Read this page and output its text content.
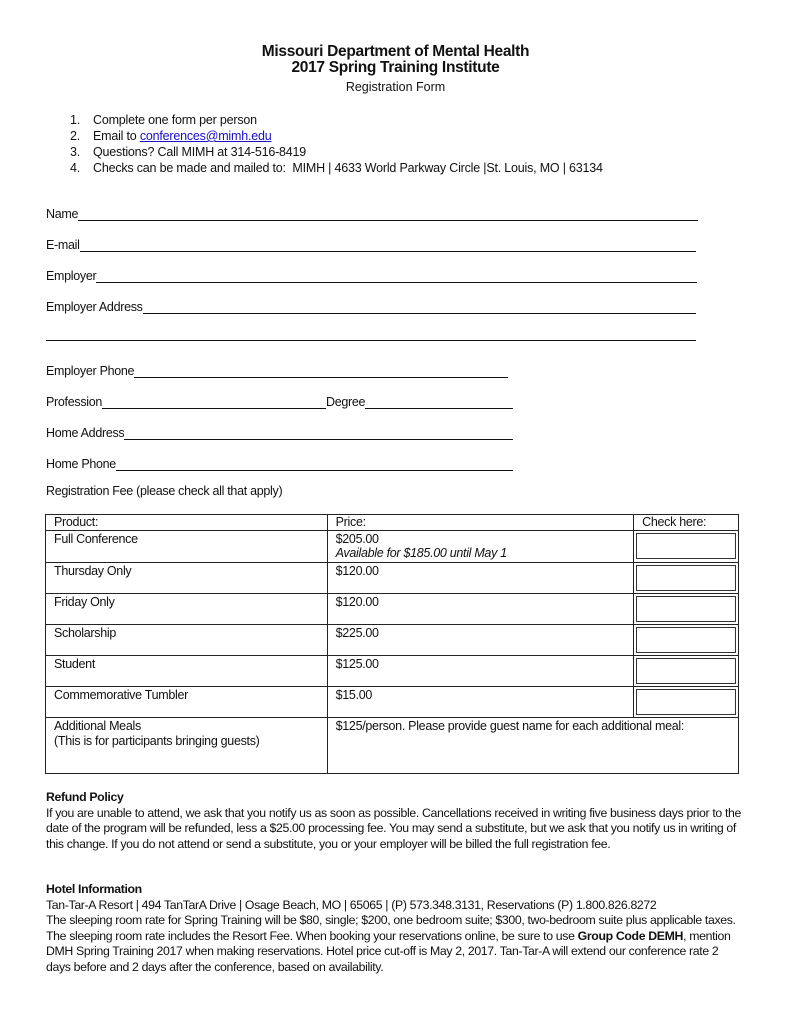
Missouri Department of Mental Health
2017 Spring Training Institute
Registration Form
1.	Complete one form per person
2.	Email to conferences@mimh.edu
3.	Questions? Call MIMH at 314-516-8419
4.	Checks can be made and mailed to:  MIMH | 4633 World Parkway Circle |St. Louis, MO | 63134
Name
E-mail
Employer
Employer Address
Employer Phone
Profession	Degree
Home Address
Home Phone
Registration Fee (please check all that apply)
Product:	Price:	Check here:
Full Conference	$205.00
Available for $185.00 until May 1	

Thursday Only	$120.00	

Friday Only	$120.00	

Scholarship	$225.00	

Student	$125.00	

Commemorative Tumbler	$15.00	

Additional Meals
(This is for participants bringing guests)	$125/person. Please provide guest name for each additional meal:	
Refund Policy
If you are unable to attend, we ask that you notify us as soon as possible. Cancellations received in writing five business days prior to the date of the program will be refunded, less a $25.00 processing fee. You may send a substitute, but we ask that you notify us in writing of this change. If you do not attend or send a substitute, you or your employer will be billed the full registration fee.
Hotel Information
Tan-Tar-A Resort | 494 TanTarA Drive | Osage Beach, MO | 65065 | (P) 573.348.3131, Reservations (P) 1.800.826.8272
The sleeping room rate for Spring Training will be $80, single; $200, one bedroom suite; $300, two-bedroom suite plus applicable taxes. The sleeping room rate includes the Resort Fee. When booking your reservations online, be sure to use Group Code DEMH, mention DMH Spring Training 2017 when making reservations. Hotel price cut-off is May 2, 2017. Tan-Tar-A will extend our conference rate 2 days before and 2 days after the conference, based on availability.
